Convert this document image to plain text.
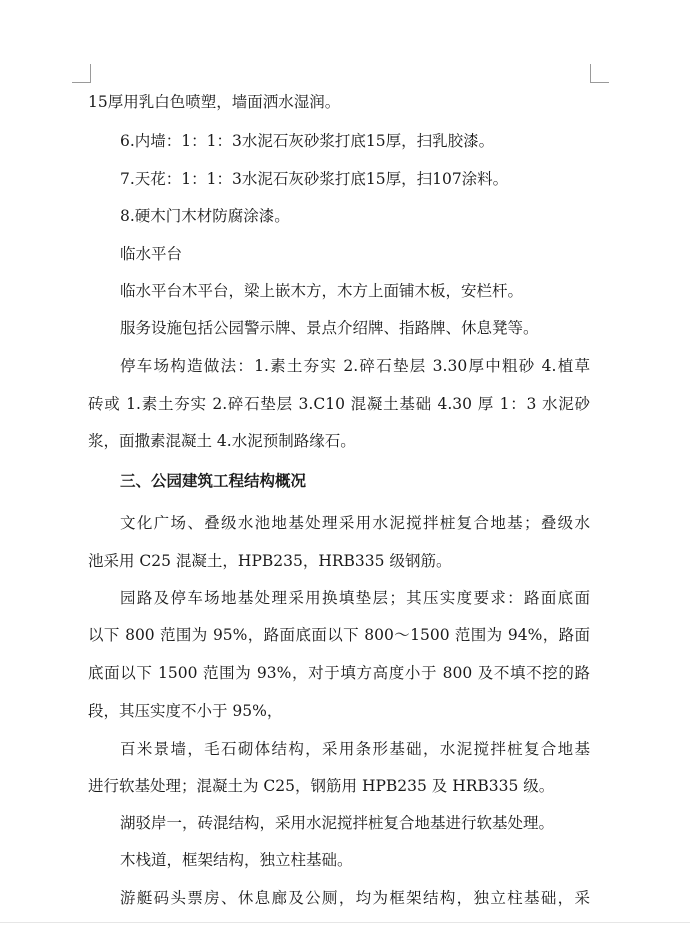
15厚用乳白色喷塑，墙面洒水湿润。
6.内墙：1：1：3水泥石灰砂浆打底15厚，扫乳胶漆。
7.天花：1：1：3水泥石灰砂浆打底15厚，扫107涂料。
8.硬木门木材防腐涂漆。
临水平台
临水平台木平台，梁上嵌木方，木方上面铺木板，安栏杆。
服务设施包括公园警示牌、景点介绍牌、指路牌、休息凳等。
停车场构造做法：1.素土夯实 2.碎石垫层 3.30厚中粗砂 4.植草
砖或 1.素土夯实 2.碎石垫层 3.C10 混凝土基础 4.30 厚 1：3 水泥砂
浆，面撒素混凝土 4.水泥预制路缘石。
三、公园建筑工程结构概况
文化广场、叠级水池地基处理采用水泥搅拌桩复合地基；叠级水
池采用 C25 混凝土，HPB235，HRB335 级钢筋。
园路及停车场地基处理采用换填垫层；其压实度要求：路面底面
以下 800 范围为 95%，路面底面以下 800～1500 范围为 94%，路面
底面以下 1500 范围为 93%，对于填方高度小于 800 及不填不挖的路
段，其压实度不小于 95%，
百米景墙，毛石砌体结构，采用条形基础，水泥搅拌桩复合地基
进行软基处理；混凝土为 C25，钢筋用 HPB235 及 HRB335 级。
湖驳岸一，砖混结构，采用水泥搅拌桩复合地基进行软基处理。
木栈道，框架结构，独立柱基础。
游艇码头票房、休息廊及公厕，均为框架结构，独立柱基础，采
